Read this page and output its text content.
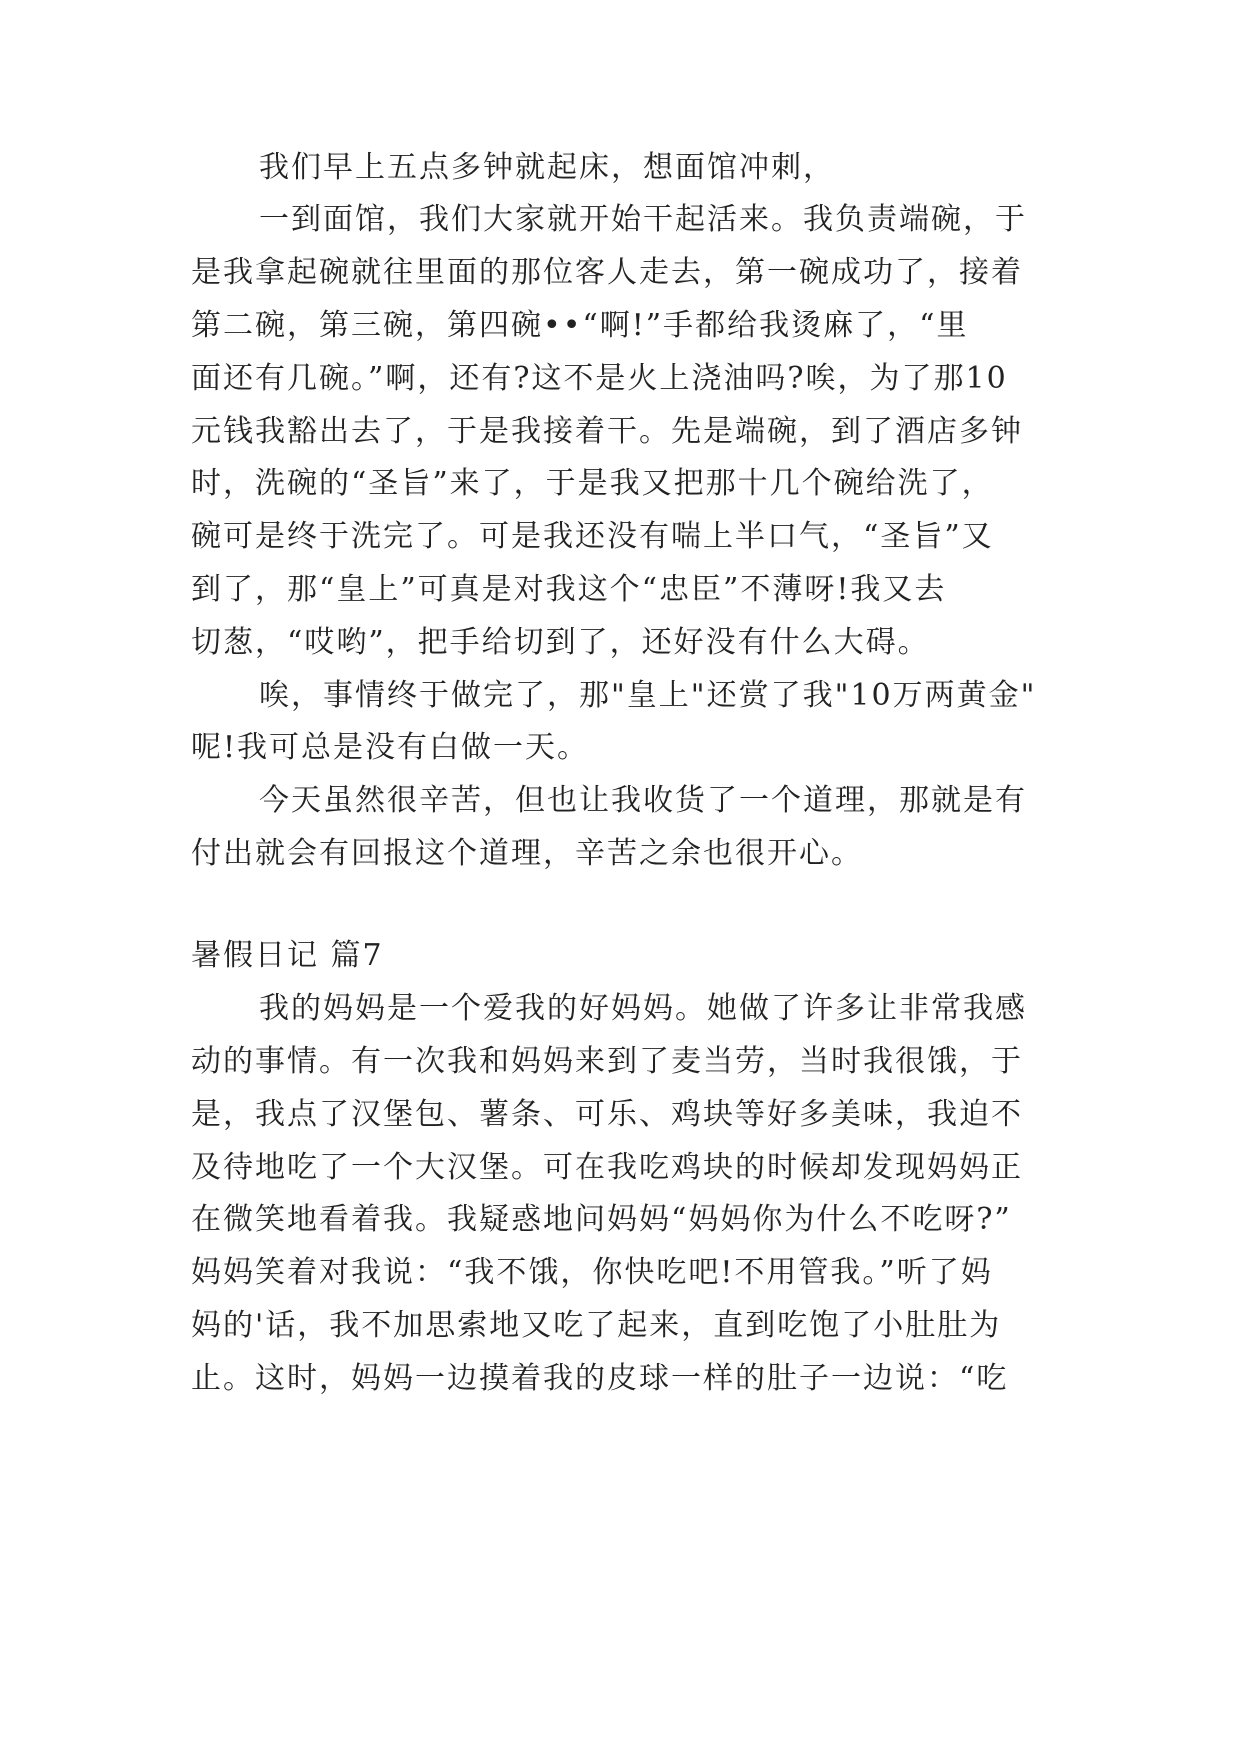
我们早上五点多钟就起床，想面馆冲刺，
一到面馆，我们大家就开始干起活来。我负责端碗，于
是我拿起碗就往里面的那位客人走去，第一碗成功了，接着
第二碗，第三碗，第四碗••“啊!”手都给我烫麻了，“里
面还有几碗。”啊，还有?这不是火上浇油吗?唉，为了那10
元钱我豁出去了，于是我接着干。先是端碗，到了酒店多钟
时，洗碗的“圣旨”来了，于是我又把那十几个碗给洗了，
碗可是终于洗完了。可是我还没有喘上半口气，“圣旨”又
到了，那“皇上”可真是对我这个“忠臣”不薄呀!我又去
切葱，“哎哟”，把手给切到了，还好没有什么大碍。
唉，事情终于做完了，那"皇上"还赏了我"10万两黄金"
呢!我可总是没有白做一天。
今天虽然很辛苦，但也让我收货了一个道理，那就是有
付出就会有回报这个道理，辛苦之余也很开心。
暑假日记 篇7
我的妈妈是一个爱我的好妈妈。她做了许多让非常我感
动的事情。有一次我和妈妈来到了麦当劳，当时我很饿，于
是，我点了汉堡包、薯条、可乐、鸡块等好多美味，我迫不
及待地吃了一个大汉堡。可在我吃鸡块的时候却发现妈妈正
在微笑地看着我。我疑惑地问妈妈“妈妈你为什么不吃呀?”
妈妈笑着对我说：“我不饿，你快吃吧!不用管我。”听了妈
妈的'话，我不加思索地又吃了起来，直到吃饱了小肚肚为
止。这时，妈妈一边摸着我的皮球一样的肚子一边说：“吃
